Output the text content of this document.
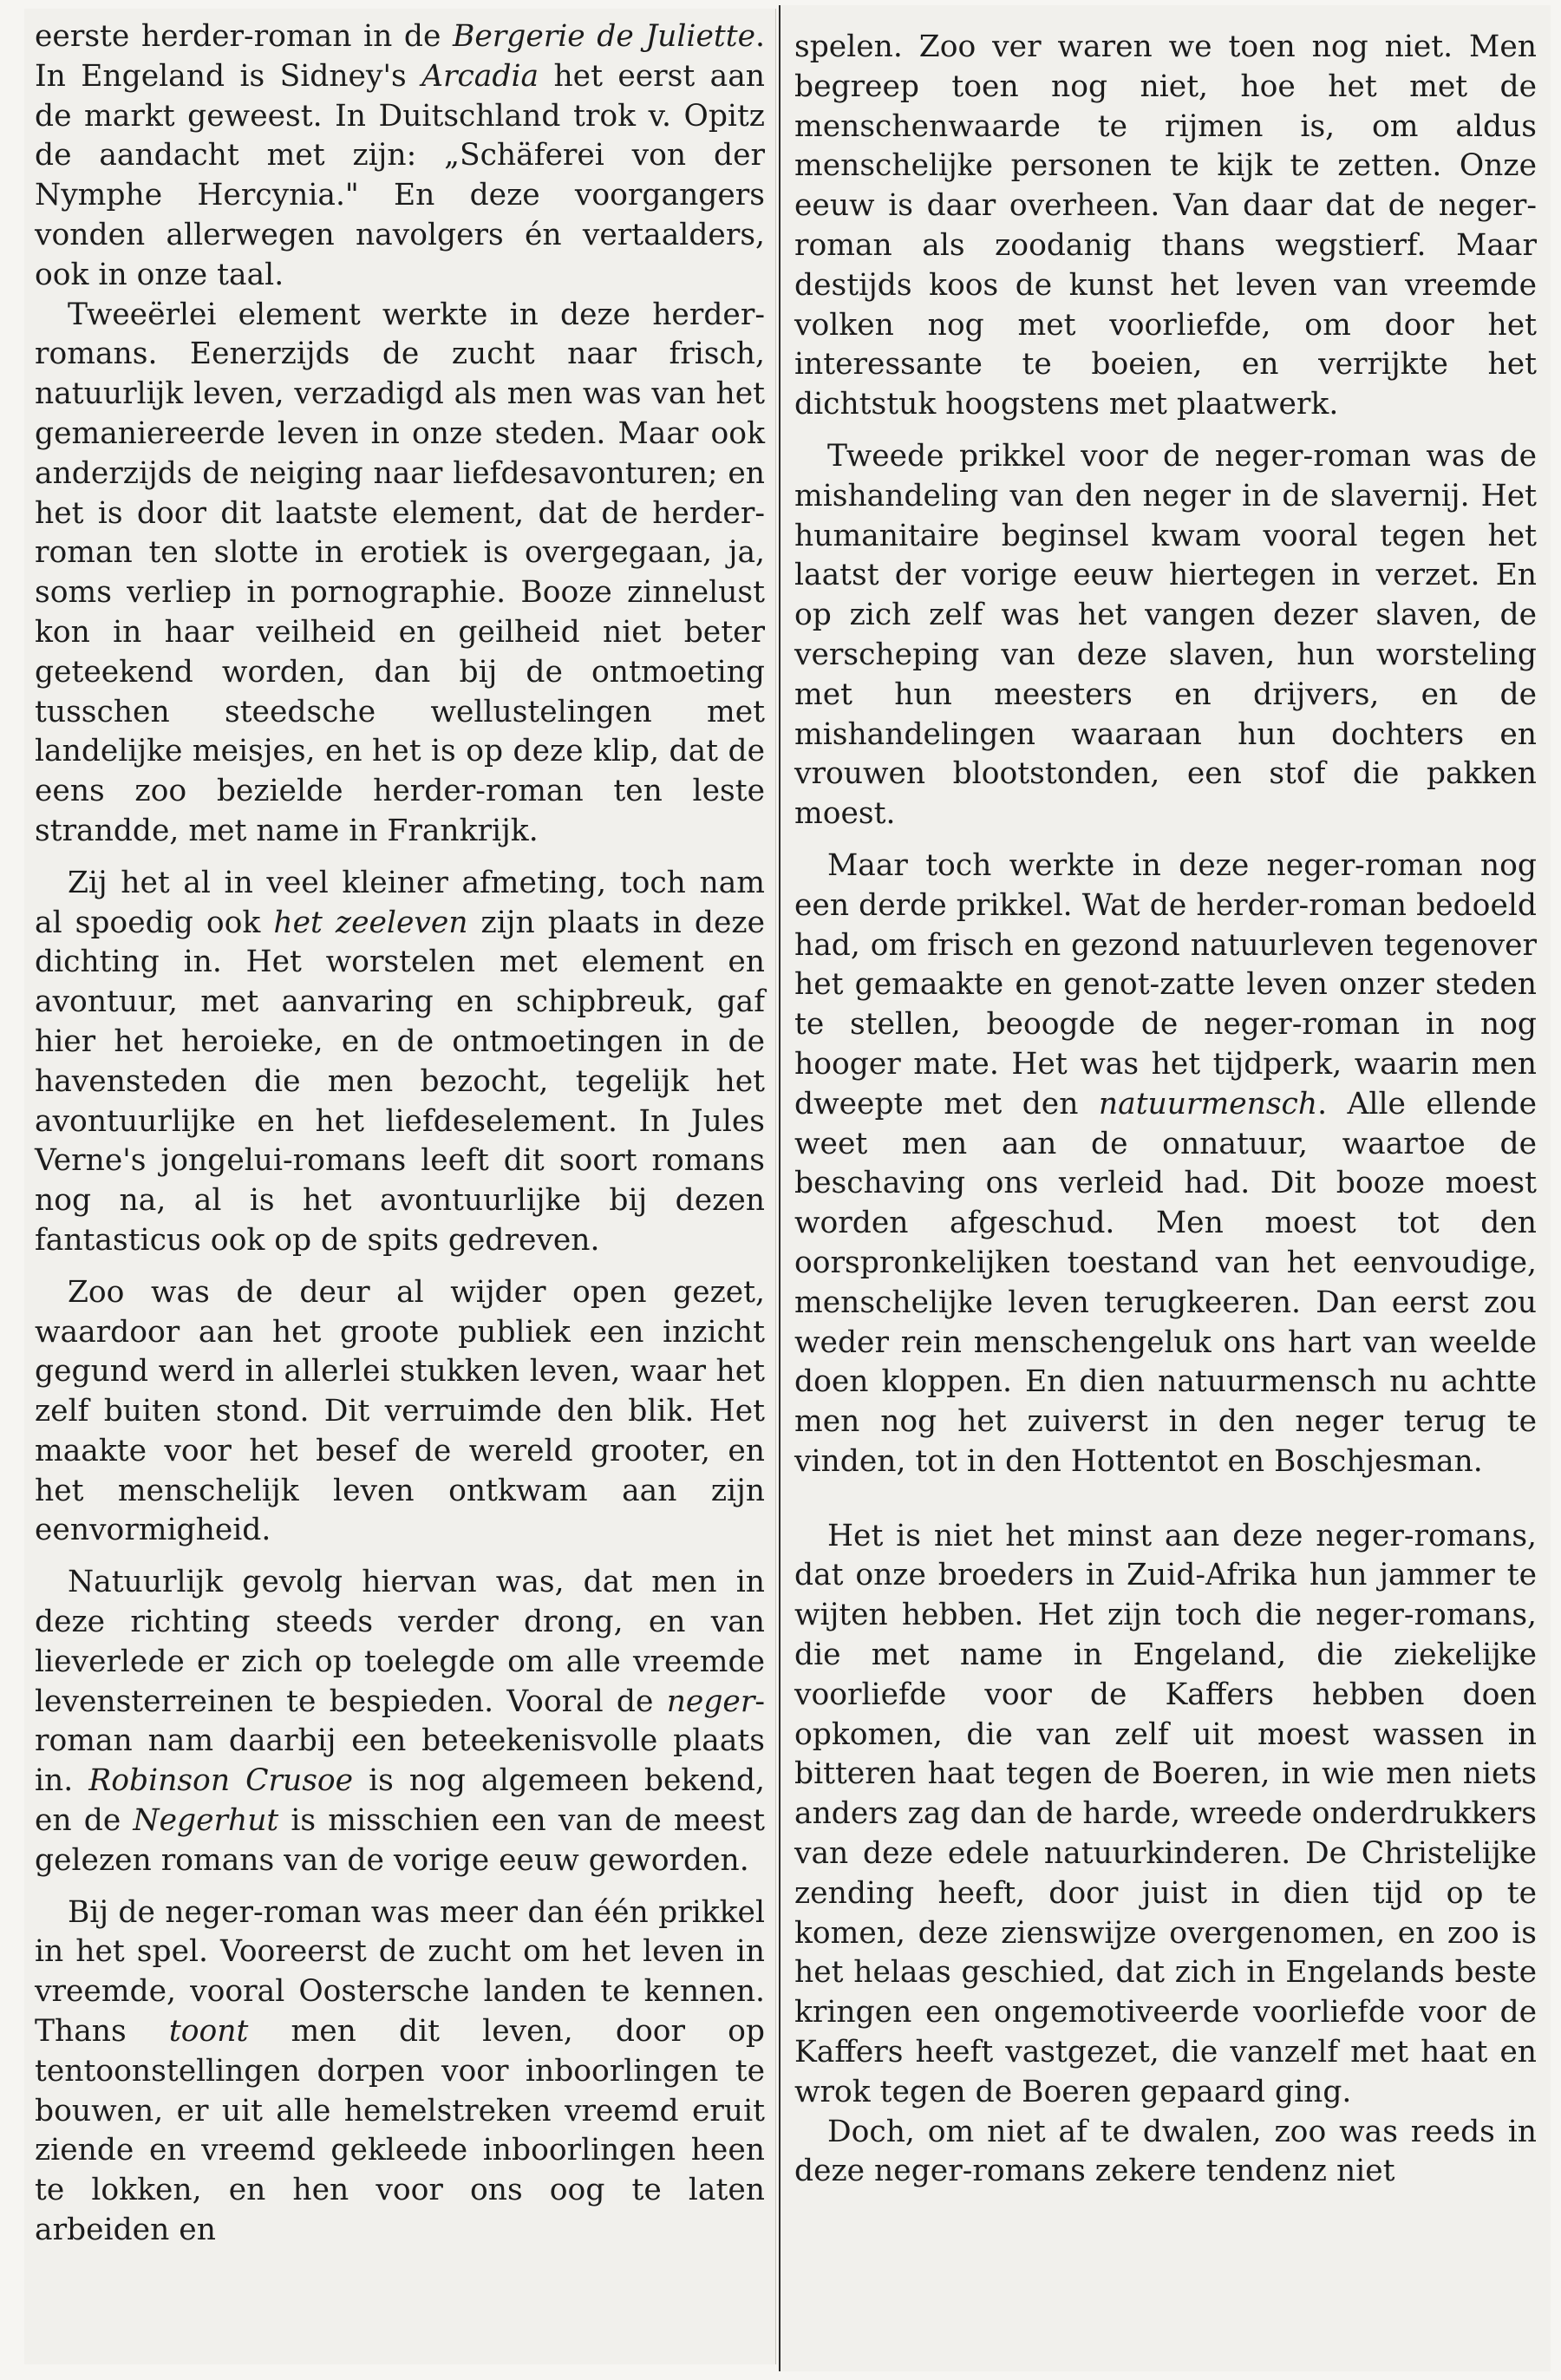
eerste herder-roman in de Bergerie de Juliette. In Engeland is Sidney's Arcadia het eerst aan de markt geweest. In Duitschland trok v. Opitz de aandacht met zijn: „Schäferei von der Nymphe Hercynia." En deze voorgangers vonden allerwegen navolgers én vertaalders, ook in onze taal.

Tweeërlei element werkte in deze herder-romans. Eenerzijds de zucht naar frisch, natuurlijk leven, verzadigd als men was van het gemaniereerde leven in onze steden. Maar ook anderzijds de neiging naar liefdesavonturen; en het is door dit laatste element, dat de herder-roman ten slotte in erotiek is overgegaan, ja, soms verliep in pornographie. Booze zinnelust kon in haar veilheid en geilheid niet beter geteekend worden, dan bij de ontmoeting tusschen steedsche wellustelingen met landelijke meisjes, en het is op deze klip, dat de eens zoo bezielde herder-roman ten leste strandde, met name in Frankrijk.

Zij het al in veel kleiner afmeting, toch nam al spoedig ook het zeeleven zijn plaats in deze dichting in. Het worstelen met element en avontuur, met aanvaring en schipbreuk, gaf hier het heroieke, en de ontmoetingen in de havensteden die men bezocht, tegelijk het avontuurlijke en het liefdeselement. In Jules Verne's jongelui-romans leeft dit soort romans nog na, al is het avontuurlijke bij dezen fantasticus ook op de spits gedreven.

Zoo was de deur al wijder open gezet, waardoor aan het groote publiek een inzicht gegund werd in allerlei stukken leven, waar het zelf buiten stond. Dit verruimde den blik. Het maakte voor het besef de wereld grooter, en het menschelijk leven ontkwam aan zijn eenvormigheid.

Natuurlijk gevolg hiervan was, dat men in deze richting steeds verder drong, en van lieverlede er zich op toelegde om alle vreemde levensterreinen te bespieden. Vooral de neger-roman nam daarbij een beteekenisvolle plaats in. Robinson Crusoe is nog algemeen bekend, en de Negerhut is misschien een van de meest gelezen romans van de vorige eeuw geworden.

Bij de neger-roman was meer dan één prikkel in het spel. Vooreerst de zucht om het leven in vreemde, vooral Oostersche landen te kennen. Thans toont men dit leven, door op tentoonstellingen dorpen voor inboorlingen te bouwen, er uit alle hemelstreken vreemd eruit ziende en vreemd gekleede inboorlingen heen te lokken, en hen voor ons oog te laten arbeiden en

spelen. Zoo ver waren we toen nog niet. Men begreep toen nog niet, hoe het met de menschenwaarde te rijmen is, om aldus menschelijke personen te kijk te zetten. Onze eeuw is daar overheen. Van daar dat de neger-roman als zoodanig thans wegstierf. Maar destijds koos de kunst het leven van vreemde volken nog met voorliefde, om door het interessante te boeien, en verrijkte het dichtstuk hoogstens met plaatwerk.

Tweede prikkel voor de neger-roman was de mishandeling van den neger in de slavernij. Het humanitaire beginsel kwam vooral tegen het laatst der vorige eeuw hiertegen in verzet. En op zich zelf was het vangen dezer slaven, de verscheping van deze slaven, hun worsteling met hun meesters en drijvers, en de mishandelingen waaraan hun dochters en vrouwen blootstonden, een stof die pakken moest.

Maar toch werkte in deze neger-roman nog een derde prikkel. Wat de herder-roman bedoeld had, om frisch en gezond natuurleven tegenover het gemaakte en genot-zatte leven onzer steden te stellen, beoogde de neger-roman in nog hooger mate. Het was het tijdperk, waarin men dweepte met den natuurmensch. Alle ellende weet men aan de onnatuur, waartoe de beschaving ons verleid had. Dit booze moest worden afgeschud. Men moest tot den oorspronkelijken toestand van het eenvoudige, menschelijke leven terugkeeren. Dan eerst zou weder rein menschengeluk ons hart van weelde doen kloppen. En dien natuurmensch nu achtte men nog het zuiverst in den neger terug te vinden, tot in den Hottentot en Boschjesman.

Het is niet het minst aan deze neger-romans, dat onze broeders in Zuid-Afrika hun jammer te wijten hebben. Het zijn toch die neger-romans, die met name in Engeland, die ziekelijke voorliefde voor de Kaffers hebben doen opkomen, die van zelf uit moest wassen in bitteren haat tegen de Boeren, in wie men niets anders zag dan de harde, wreede onderdrukkers van deze edele natuurkinderen. De Christelijke zending heeft, door juist in dien tijd op te komen, deze zienswijze overgenomen, en zoo is het helaas geschied, dat zich in Engelands beste kringen een ongemotiveerde voorliefde voor de Kaffers heeft vastgezet, die vanzelf met haat en wrok tegen de Boeren gepaard ging.

Doch, om niet af te dwalen, zoo was reeds in deze neger-romans zekere tendenz niet
